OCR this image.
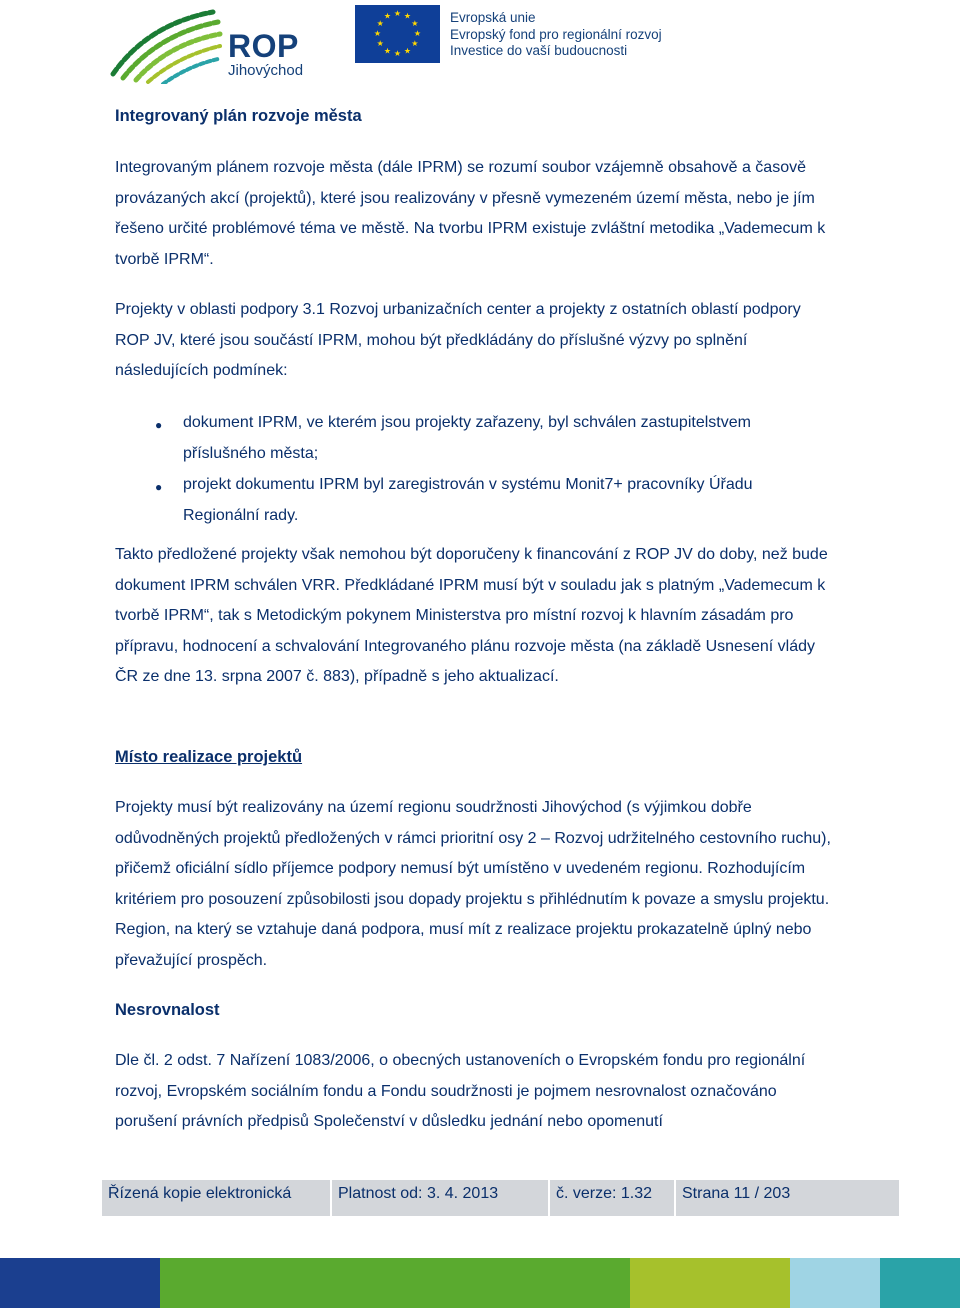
ROP
Jihovýchod
★ ★
★
★
★
★
★
★
★
★
★
★	Evropská unie
Evropský fond pro regionální rozvoj
Investice do vaší budoucnosti
Integrovaný plán rozvoje města
Integrovaným plánem rozvoje města (dále IPRM) se rozumí soubor vzájemně obsahově a časově provázaných akcí (projektů), které jsou realizovány v přesně vymezeném území města, nebo je jím řešeno určité problémové téma ve městě. Na tvorbu IPRM existuje zvláštní metodika „Vademecum k tvorbě IPRM“.
Projekty v oblasti podpory 3.1 Rozvoj urbanizačních center a projekty z ostatních oblastí podpory ROP JV, které jsou součástí IPRM, mohou být předkládány do příslušné výzvy po splnění následujících podmínek:
● dokument IPRM, ve kterém jsou projekty zařazeny, byl schválen zastupitelstvem příslušného města;
● projekt dokumentu IPRM byl zaregistrován v systému Monit7+ pracovníky Úřadu Regionální rady.
Takto předložené projekty však nemohou být doporučeny k financování z ROP JV do doby, než bude dokument IPRM schválen VRR. Předkládané IPRM musí být v souladu jak s platným „Vademecum k tvorbě IPRM“, tak s Metodickým pokynem Ministerstva pro místní rozvoj k hlavním zásadám pro přípravu, hodnocení a schvalování Integrovaného plánu rozvoje města (na základě Usnesení vlády ČR ze dne 13. srpna 2007 č. 883), případně s jeho aktualizací.
Místo realizace projektů
Projekty musí být realizovány na území regionu soudržnosti Jihovýchod (s výjimkou dobře odůvodněných projektů předložených v rámci prioritní osy 2 – Rozvoj udržitelného cestovního ruchu), přičemž oficiální sídlo příjemce podpory nemusí být umístěno v uvedeném regionu. Rozhodujícím kritériem pro posouzení způsobilosti jsou dopady projektu s přihlédnutím k povaze a smyslu projektu. Region, na který se vztahuje daná podpora, musí mít z realizace projektu prokazatelně úplný nebo převažující prospěch.
Nesrovnalost
Dle čl. 2 odst. 7 Nařízení 1083/2006, o obecných ustanoveních o Evropském fondu pro regionální rozvoj, Evropském sociálním fondu a Fondu soudržnosti je pojmem nesrovnalost označováno porušení právních předpisů Společenství v důsledku jednání nebo opomenutí
Řízená kopie elektronická	Platnost od: 3. 4. 2013	č. verze: 1.32	Strana 11 / 203
